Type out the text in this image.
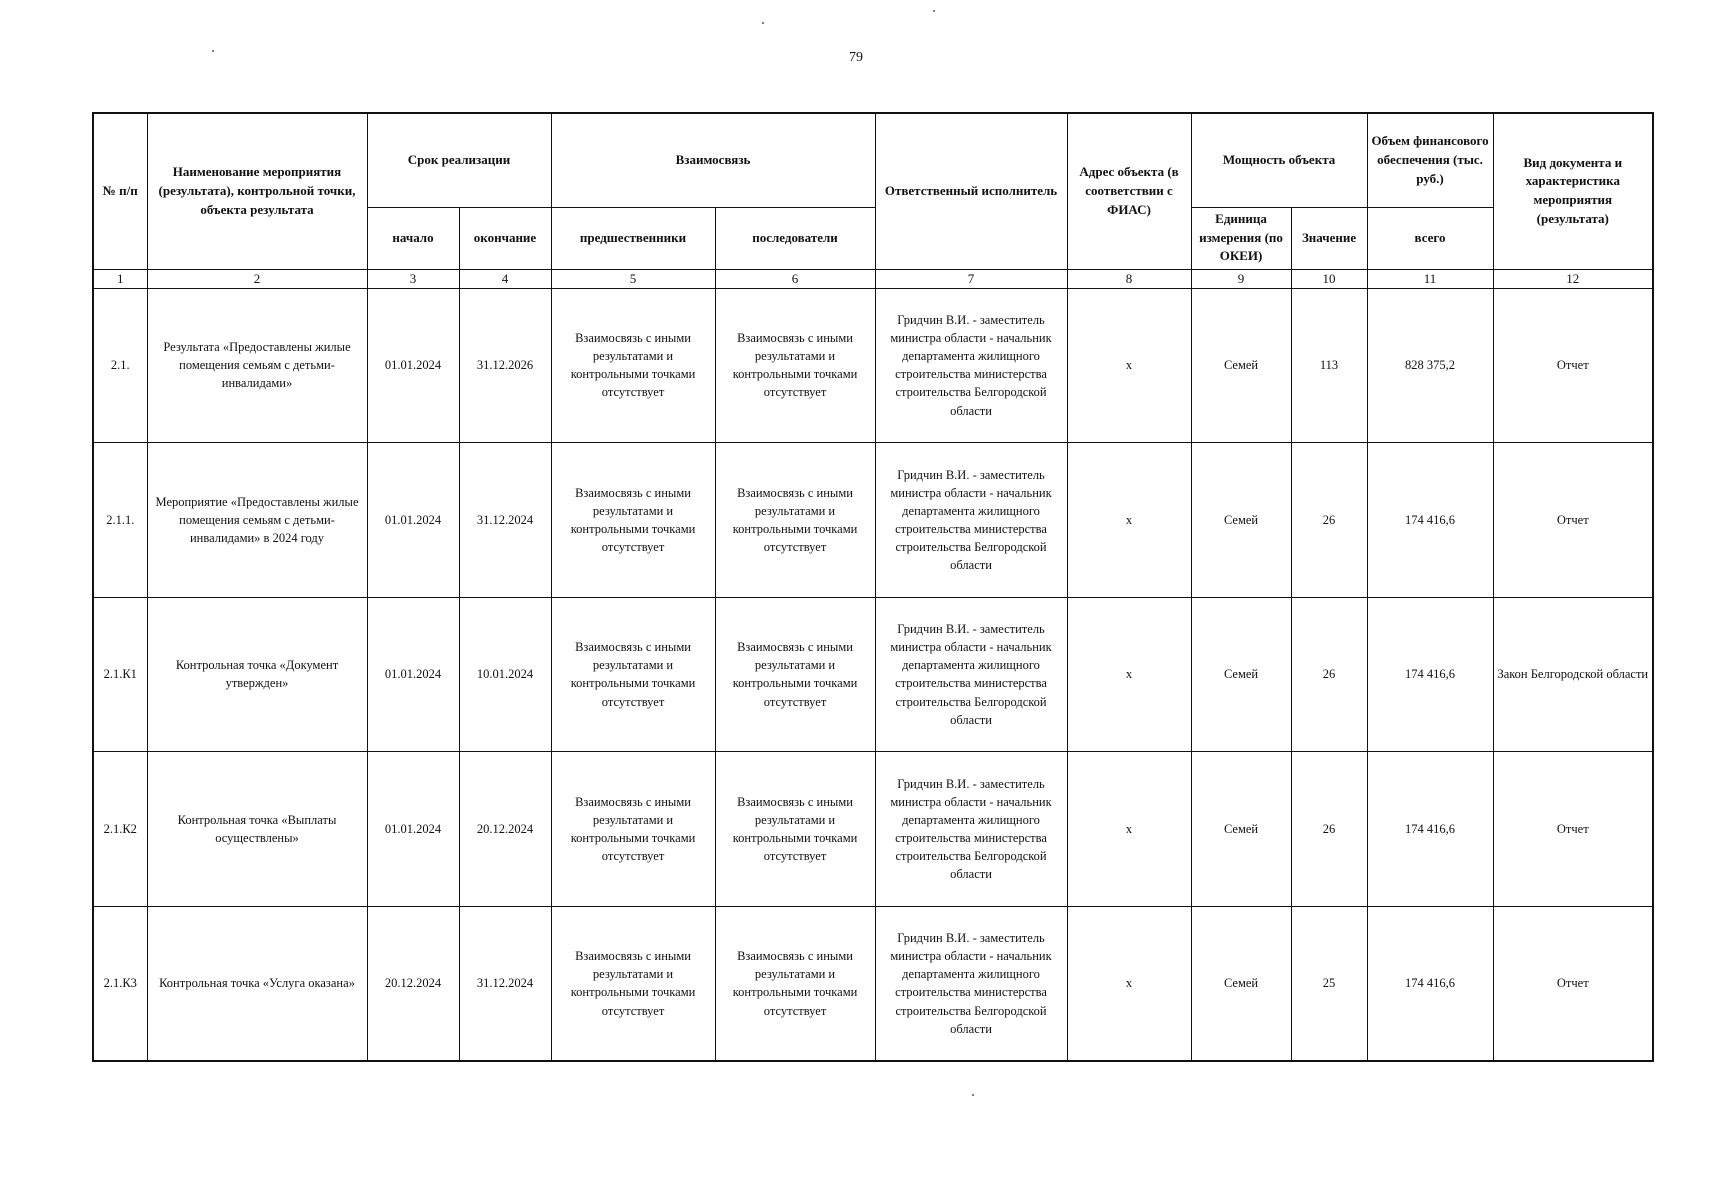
79
№ п/п	Наименование мероприятия (результата), контрольной точки, объекта результата	Срок реализации		Взаимосвязь		Ответственный исполнитель	Адрес объекта (в соответствии с ФИАС)	Мощность объекта		Объем финансового обеспечения (тыс. руб.)	Вид документа и характеристика мероприятия (результата)
		начало	окончание	предшественники	последователи			Единица измерения (по ОКЕИ)	Значение	всего	
1	2	3	4	5	6	7	8	9	10	11	12
2.1.	Результата «Предоставлены жилые помещения семьям с детьми-инвалидами»	01.01.2024	31.12.2026	Взаимосвязь с иными результатами и контрольными точками отсутствует	Взаимосвязь с иными результатами и контрольными точками отсутствует	Гридчин В.И. - заместитель министра области - начальник департамента жилищного строительства министерства строительства Белгородской области	х	Семей	113	828 375,2	Отчет
2.1.1.	Мероприятие «Предоставлены жилые помещения семьям с детьми-инвалидами» в 2024 году	01.01.2024	31.12.2024	Взаимосвязь с иными результатами и контрольными точками отсутствует	Взаимосвязь с иными результатами и контрольными точками отсутствует	Гридчин В.И. - заместитель министра области - начальник департамента жилищного строительства министерства строительства Белгородской области	х	Семей	26	174 416,6	Отчет
2.1.К1	Контрольная точка «Документ утвержден»	01.01.2024	10.01.2024	Взаимосвязь с иными результатами и контрольными точками отсутствует	Взаимосвязь с иными результатами и контрольными точками отсутствует	Гридчин В.И. - заместитель министра области - начальник департамента жилищного строительства министерства строительства Белгородской области	х	Семей	26	174 416,6	Закон Белгородской области
2.1.К2	Контрольная точка «Выплаты осуществлены»	01.01.2024	20.12.2024	Взаимосвязь с иными результатами и контрольными точками отсутствует	Взаимосвязь с иными результатами и контрольными точками отсутствует	Гридчин В.И. - заместитель министра области - начальник департамента жилищного строительства министерства строительства Белгородской области	х	Семей	26	174 416,6	Отчет
2.1.К3	Контрольная точка «Услуга оказана»	20.12.2024	31.12.2024	Взаимосвязь с иными результатами и контрольными точками отсутствует	Взаимосвязь с иными результатами и контрольными точками отсутствует	Гридчин В.И. - заместитель министра области - начальник департамента жилищного строительства министерства строительства Белгородской области	х	Семей	25	174 416,6	Отчет
